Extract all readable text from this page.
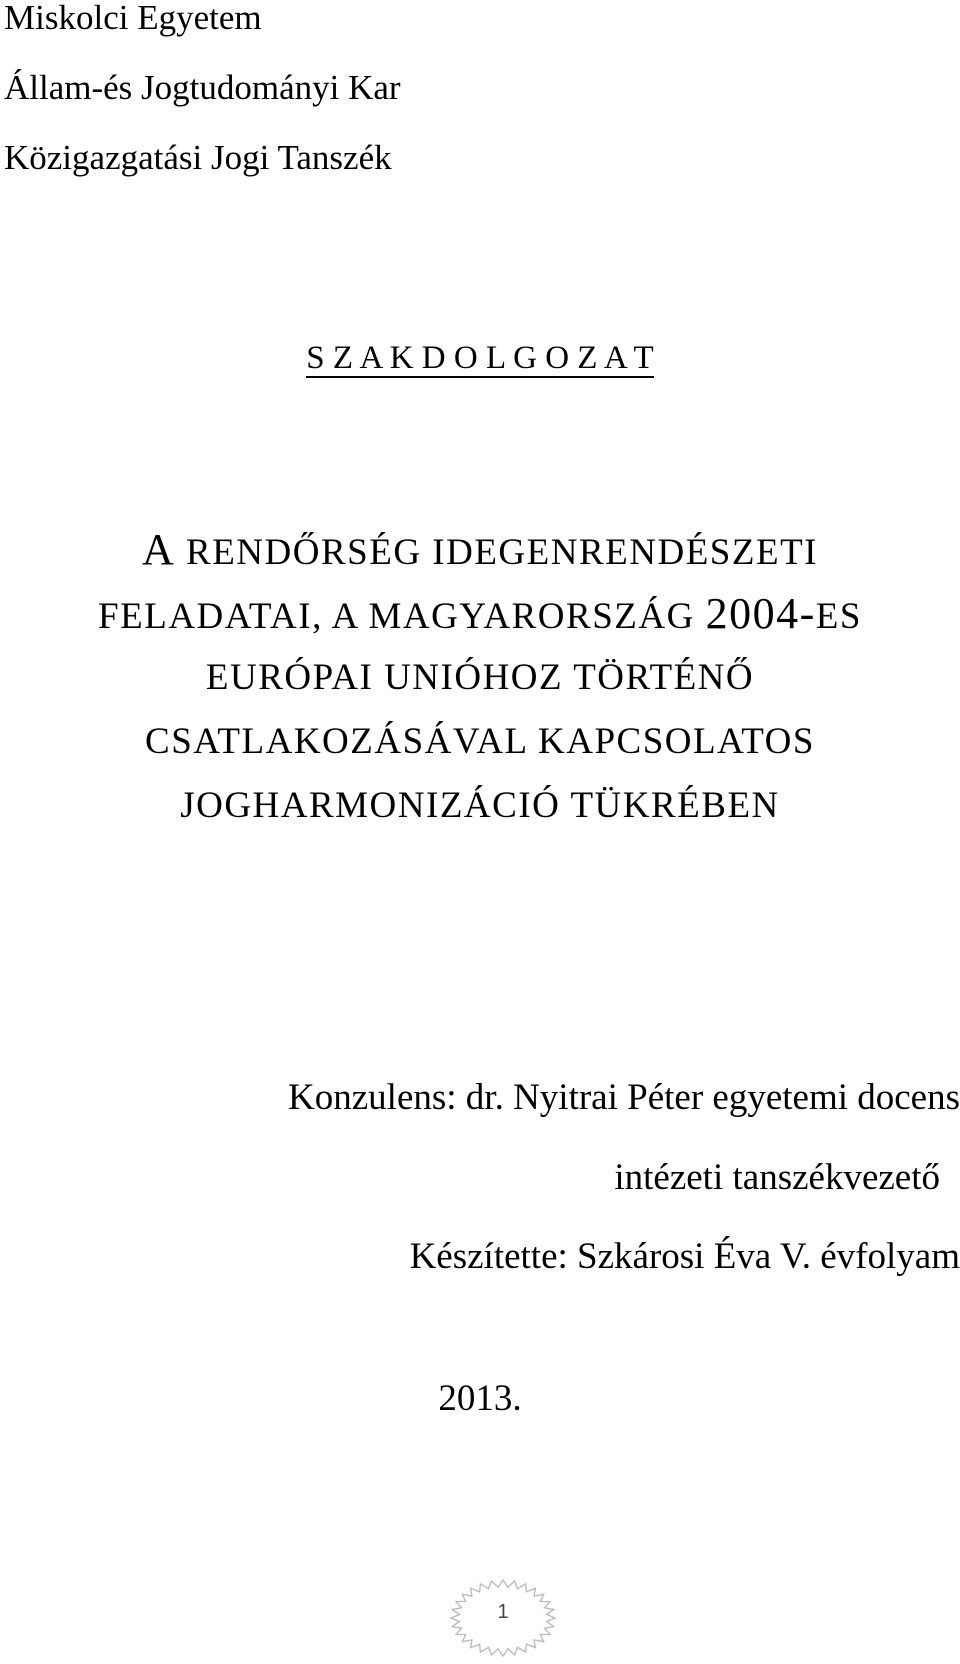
Miskolci Egyetem
Állam-és Jogtudományi Kar
Közigazgatási Jogi Tanszék
S Z A K D O L G O Z A T
A RENDŐRSÉG IDEGENRENDÉSZETI
FELADATAI, A MAGYARORSZÁG 2004-ES
EURÓPAI UNIÓHOZ TÖRTÉNŐ
CSATLAKOZÁSÁVAL KAPCSOLATOS
JOGHARMONIZÁCIÓ TÜKRÉBEN
Konzulens: dr. Nyitrai Péter egyetemi docens
intézeti tanszékvezető
Készítette: Szkárosi Éva V. évfolyam
2013.
1
